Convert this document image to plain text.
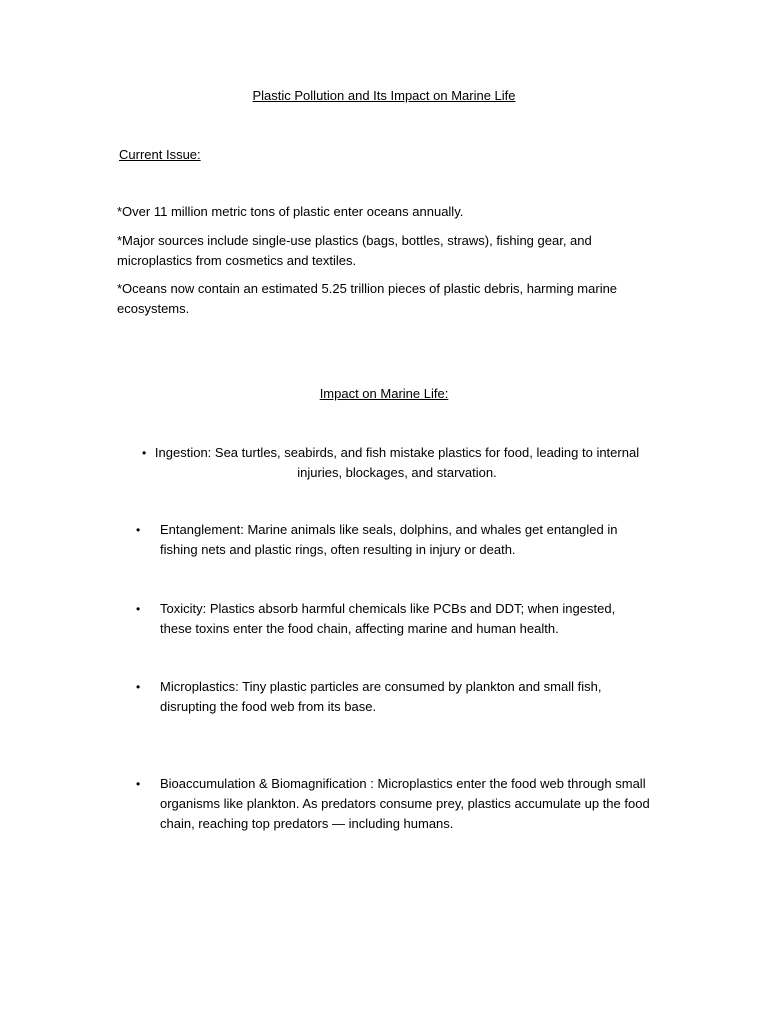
Plastic Pollution and Its Impact on Marine Life
Current Issue:
*Over 11 million metric tons of plastic enter oceans annually.
*Major sources include single-use plastics (bags, bottles, straws), fishing gear, and microplastics from cosmetics and textiles.
*Oceans now contain an estimated 5.25 trillion pieces of plastic debris, harming marine ecosystems.
Impact on Marine Life:
• Ingestion: Sea turtles, seabirds, and fish mistake plastics for food, leading to internal injuries, blockages, and starvation.
•	Entanglement: Marine animals like seals, dolphins, and whales get entangled in fishing nets and plastic rings, often resulting in injury or death.
•	Toxicity: Plastics absorb harmful chemicals like PCBs and DDT; when ingested, these toxins enter the food chain, affecting marine and human health.
•	Microplastics: Tiny plastic particles are consumed by plankton and small fish, disrupting the food web from its base.
•	Bioaccumulation & Biomagnification : Microplastics enter the food web through small organisms like plankton. As predators consume prey, plastics accumulate up the food chain, reaching top predators — including humans.
